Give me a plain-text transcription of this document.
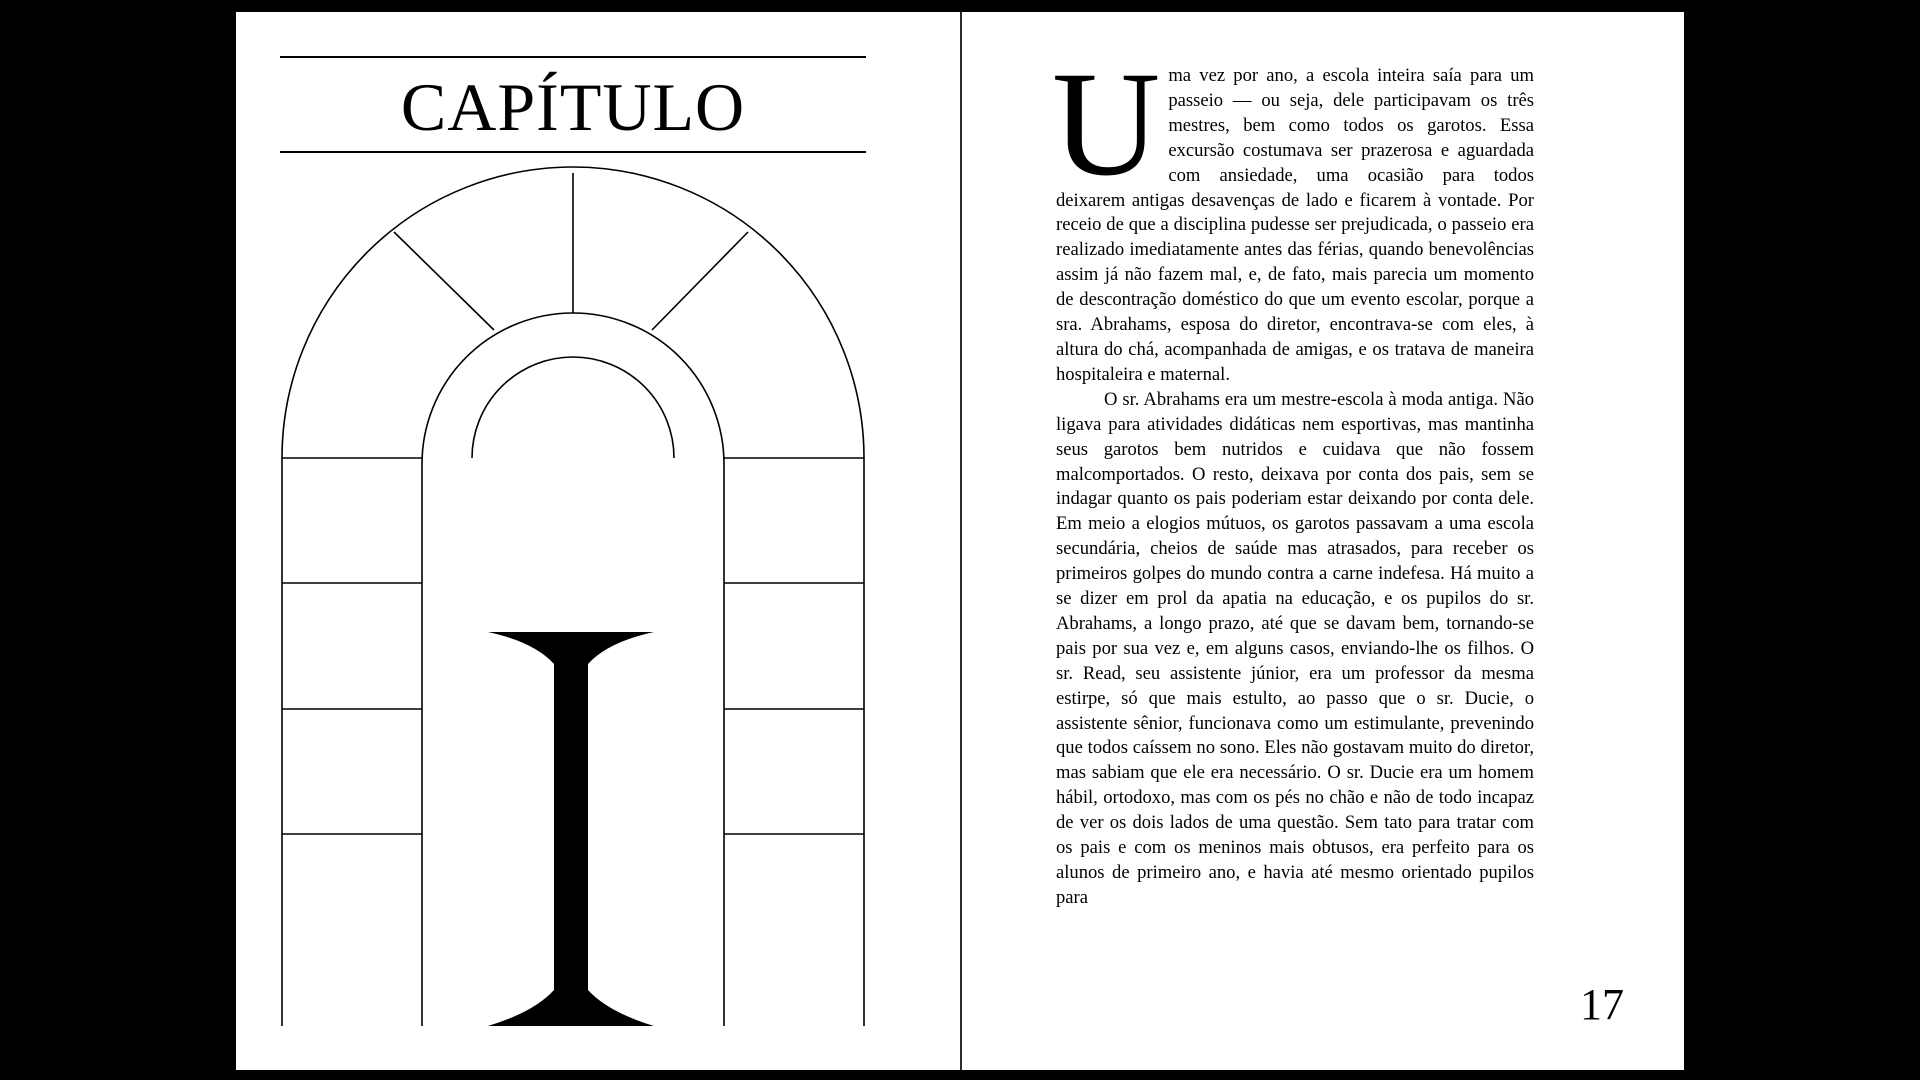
CAPÍTULO	Uma vez por ano, a escola inteira saía para um passeio — ou seja, dele participavam os três mestres, bem como todos os garotos. Essa excursão costumava ser prazerosa e aguardada com ansiedade, uma ocasião para todos deixarem antigas desavenças de lado e ficarem à vontade. Por receio de que a disciplina pudesse ser prejudicada, o passeio era realizado imediatamente antes das férias, quando benevolências assim já não fazem mal, e, de fato, mais parecia um momento de descontração doméstico do que um evento escolar, porque a sra. Abrahams, esposa do diretor, encontrava-se com eles, à altura do chá, acompanhada de amigas, e os tratava de maneira hospitaleira e maternal.

O sr. Abrahams era um mestre-escola à moda antiga. Não ligava para atividades didáticas nem esportivas, mas mantinha seus garotos bem nutridos e cuidava que não fossem malcomportados. O resto, deixava por conta dos pais, sem se indagar quanto os pais poderiam estar deixando por conta dele. Em meio a elogios mútuos, os garotos passavam a uma escola secundária, cheios de saúde mas atrasados, para receber os primeiros golpes do mundo contra a carne indefesa. Há muito a se dizer em prol da apatia na educação, e os pupilos do sr. Abrahams, a longo prazo, até que se davam bem, tornando-se pais por sua vez e, em alguns casos, enviando-lhe os filhos. O sr. Read, seu assistente júnior, era um professor da mesma estirpe, só que mais estulto, ao passo que o sr. Ducie, o assistente sênior, funcionava como um estimulante, prevenindo que todos caíssem no sono. Eles não gostavam muito do diretor, mas sabiam que ele era necessário. O sr. Ducie era um homem hábil, ortodoxo, mas com os pés no chão e não de todo incapaz de ver os dois lados de uma questão. Sem tato para tratar com os pais e com os meninos mais obtusos, era perfeito para os alunos de primeiro ano, e havia até mesmo orientado pupilos para

17
